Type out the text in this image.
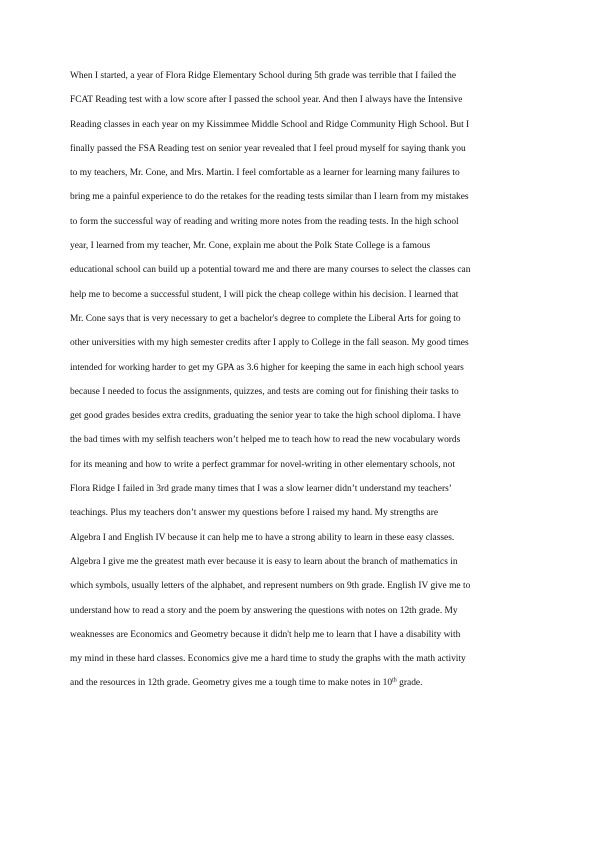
When I started, a year of Flora Ridge Elementary School during 5th grade was terrible that I failed the
FCAT Reading test with a low score after I passed the school year. And then I always have the Intensive
Reading classes in each year on my Kissimmee Middle School and Ridge Community High School. But I
finally passed the FSA Reading test on senior year revealed that I feel proud myself for saying thank you
to my teachers, Mr. Cone, and Mrs. Martin. I feel comfortable as a learner for learning many failures to
bring me a painful experience to do the retakes for the reading tests similar than I learn from my mistakes
to form the successful way of reading and writing more notes from the reading tests. In the high school
year, I learned from my teacher, Mr. Cone, explain me about the Polk State College is a famous
educational school can build up a potential toward me and there are many courses to select the classes can
help me to become a successful student, I will pick the cheap college within his decision. I learned that
Mr. Cone says that is very necessary to get a bachelor's degree to complete the Liberal Arts for going to
other universities with my high semester credits after I apply to College in the fall season. My good times
intended for working harder to get my GPA as 3.6 higher for keeping the same in each high school years
because I needed to focus the assignments, quizzes, and tests are coming out for finishing their tasks to
get good grades besides extra credits, graduating the senior year to take the high school diploma. I have
the bad times with my selfish teachers won’t helped me to teach how to read the new vocabulary words
for its meaning and how to write a perfect grammar for novel-writing in other elementary schools, not
Flora Ridge I failed in 3rd grade many times that I was a slow learner didn’t understand my teachers’
teachings. Plus my teachers don’t answer my questions before I raised my hand. My strengths are
Algebra I and English IV because it can help me to have a strong ability to learn in these easy classes.
Algebra I give me the greatest math ever because it is easy to learn about the branch of mathematics in
which symbols, usually letters of the alphabet, and represent numbers on 9th grade. English IV give me to
understand how to read a story and the poem by answering the questions with notes on 12th grade. My
weaknesses are Economics and Geometry because it didn't help me to learn that I have a disability with
my mind in these hard classes. Economics give me a hard time to study the graphs with the math activity
and the resources in 12th grade. Geometry gives me a tough time to make notes in 10th grade.
